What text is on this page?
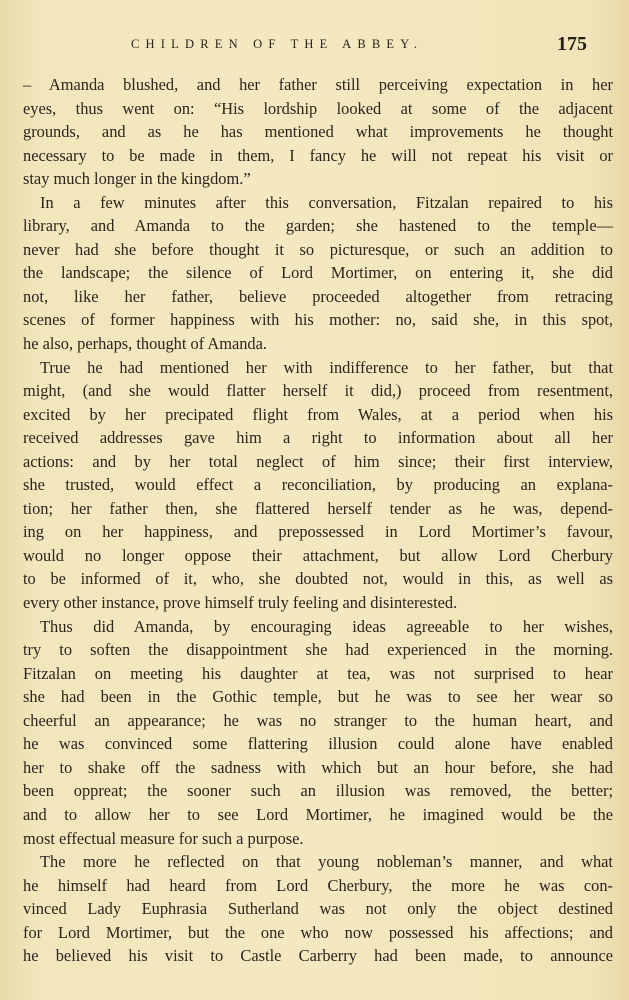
CHILDREN OF THE ABBEY.	175
– Amanda blushed, and her father still perceiving expectation in her
eyes, thus went on: “His lordship looked at some of the adjacent
grounds, and as he has mentioned what improvements he thought
necessary to be made in them, I fancy he will not repeat his visit or
stay much longer in the kingdom.”
In a few minutes after this conversation, Fitzalan repaired to his
library, and Amanda to the garden; she hastened to the temple—
never had she before thought it so picturesque, or such an addition to
the landscape; the silence of Lord Mortimer, on entering it, she did
not, like her father, believe proceeded altogether from retracing
scenes of former happiness with his mother: no, said she, in this spot,
he also, perhaps, thought of Amanda.
True he had mentioned her with indifference to her father, but that
might, (and she would flatter herself it did,) proceed from resentment,
excited by her precipated flight from Wales, at a period when his
received addresses gave him a right to information about all her
actions: and by her total neglect of him since; their first interview,
she trusted, would effect a reconciliation, by producing an explana-
tion; her father then, she flattered herself tender as he was, depend-
ing on her happiness, and prepossessed in Lord Mortimer’s favour,
would no longer oppose their attachment, but allow Lord Cherbury
to be informed of it, who, she doubted not, would in this, as well as
every other instance, prove himself truly feeling and disinterested.
Thus did Amanda, by encouraging ideas agreeable to her wishes,
try to soften the disappointment she had experienced in the morning.
Fitzalan on meeting his daughter at tea, was not surprised to hear
she had been in the Gothic temple, but he was to see her wear so
cheerful an appearance; he was no stranger to the human heart, and
he was convinced some flattering illusion could alone have enabled
her to shake off the sadness with which but an hour before, she had
been oppreat; the sooner such an illusion was removed, the better;
and to allow her to see Lord Mortimer, he imagined would be the
most effectual measure for such a purpose.
The more he reflected on that young nobleman’s manner, and what
he himself had heard from Lord Cherbury, the more he was con-
vinced Lady Euphrasia Sutherland was not only the object destined
for Lord Mortimer, but the one who now possessed his affections; and
he believed his visit to Castle Carberry had been made, to announce
